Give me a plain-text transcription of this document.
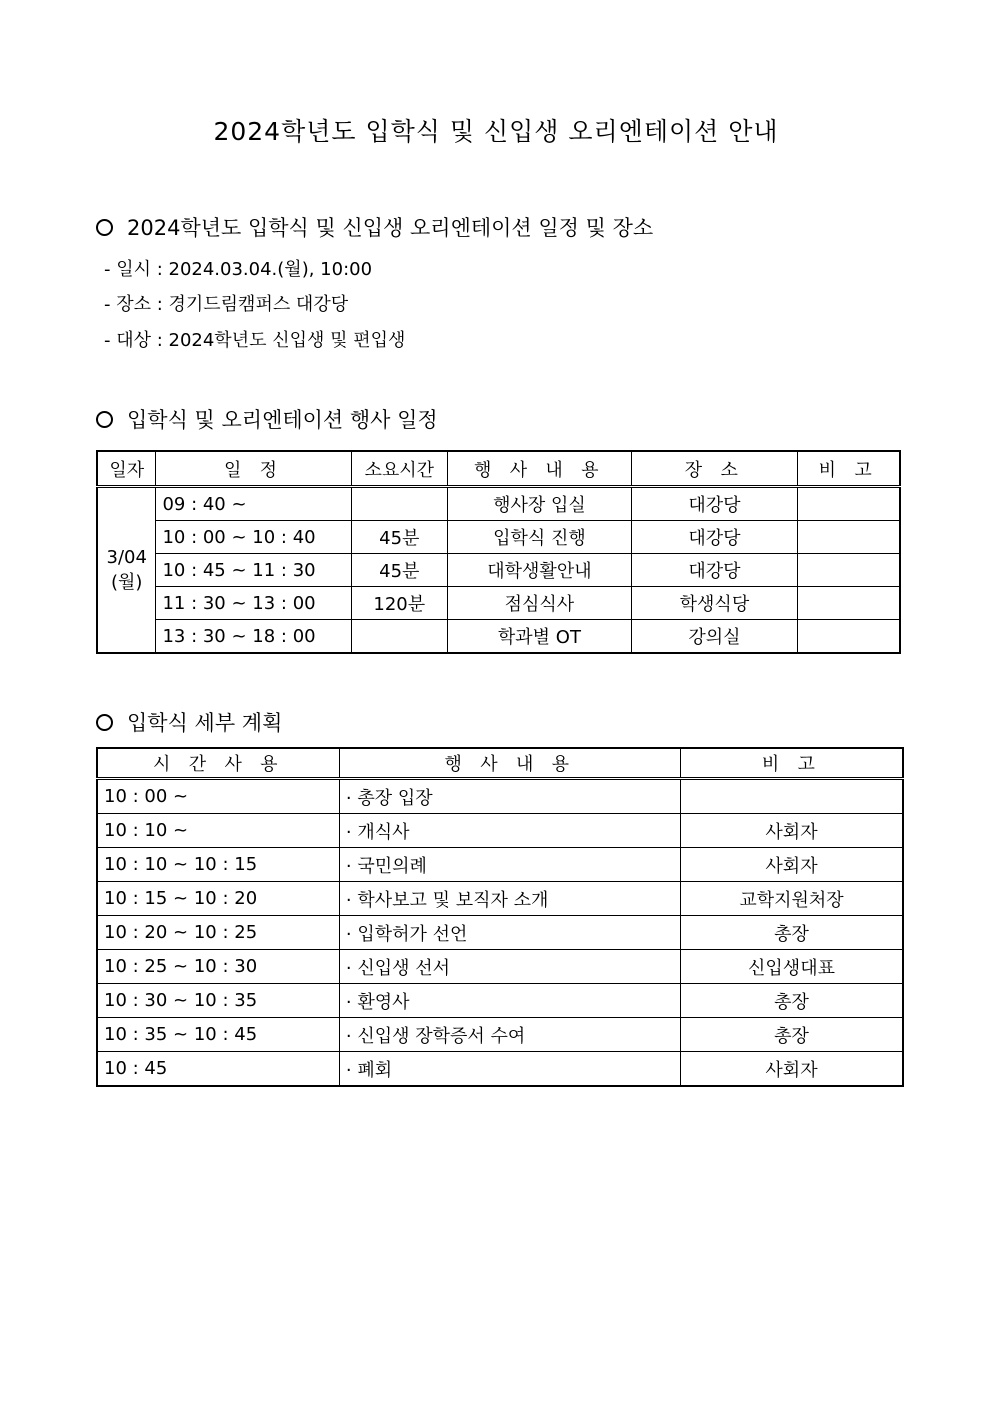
2024학년도 입학식 및 신입생 오리엔테이션 안내
2024학년도 입학식 및 신입생 오리엔테이션 일정 및 장소
- 일시 : 2024.03.04.(월), 10:00
- 장소 : 경기드림캠퍼스 대강당
- 대상 : 2024학년도 신입생 및 편입생
입학식 및 오리엔테이션 행사 일정
일자	일 정	소요시간	행 사 내 용	장 소	비 고

3/04
(월)	09 : 40 ~		행사장 입실	대강당	
	10 : 00 ~ 10 : 40	45분	입학식 진행	대강당	
	10 : 45 ~ 11 : 30	45분	대학생활안내	대강당	
	11 : 30 ~ 13 : 00	120분	점심식사	학생식당	
	13 : 30 ~ 18 : 00		학과별 OT	강의실	
입학식 세부 계획
시 간 사 용	행 사 내 용	비 고
10 : 00 ~	· 총장 입장	
10 : 10 ~	· 개식사	사회자
10 : 10 ~ 10 : 15	· 국민의례	사회자
10 : 15 ~ 10 : 20	· 학사보고 및 보직자 소개	교학지원처장
10 : 20 ~ 10 : 25	· 입학허가 선언	총장
10 : 25 ~ 10 : 30	· 신입생 선서	신입생대표
10 : 30 ~ 10 : 35	· 환영사	총장
10 : 35 ~ 10 : 45	· 신입생 장학증서 수여	총장
10 : 45	· 폐회	사회자
